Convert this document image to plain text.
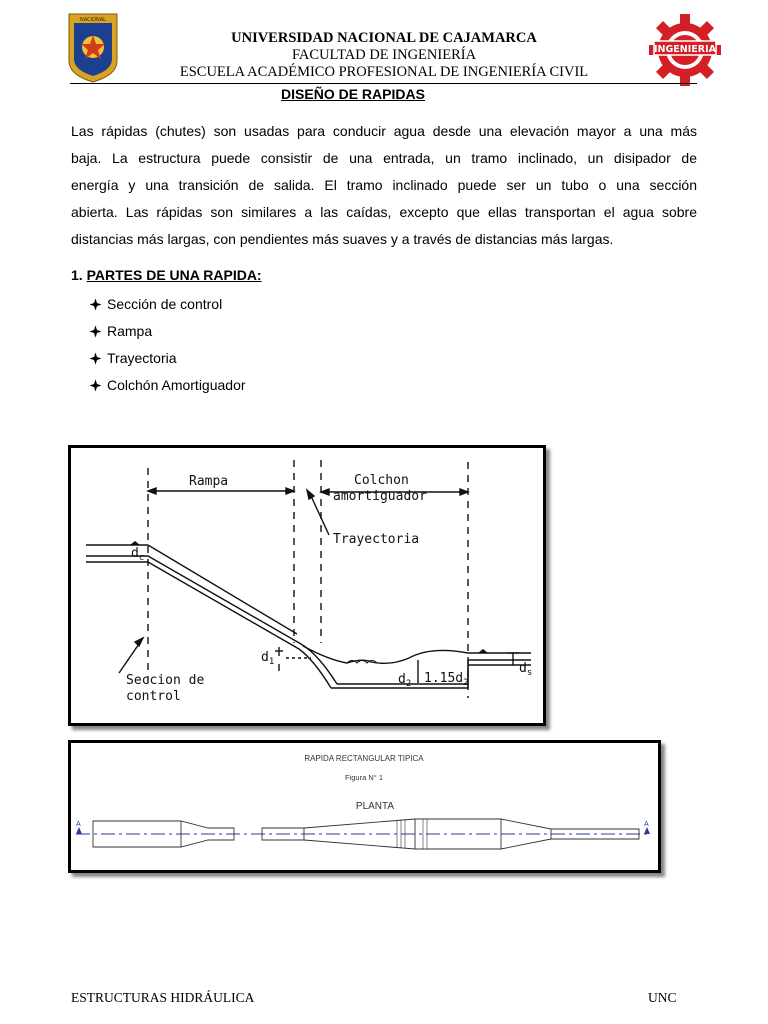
NACIONAL
INGENIERIA
UNIVERSIDAD NACIONAL DE CAJAMARCA
FACULTAD DE INGENIERÍA
ESCUELA ACADÉMICO PROFESIONAL DE INGENIERÍA CIVIL
DISEÑO DE RAPIDAS
Las rápidas (chutes) son usadas para conducir agua desde una elevación mayor a una más
baja. La estructura puede consistir de una entrada, un tramo inclinado, un disipador de
energía y una transición de salida. El tramo inclinado puede ser un tubo o una sección
abierta. Las rápidas son similares a las caídas, excepto que ellas transportan el agua sobre
distancias más largas, con pendientes más suaves y a través de distancias más largas.
1. PARTES DE UNA RAPIDA:
Sección de control
Rampa
Trayectoria
Colchón Amortiguador
Rampa	Colchon
amortiguador
$d_c$
Trayectoria
$d_1$
$d_2$ $1.15d_2$
$d_s$
Seccion de
control
RAPIDA RECTANGULAR TIPICA
Figura N° 1
PLANTA
A	A
ESTRUCTURAS HIDRÁULICA	UNC
